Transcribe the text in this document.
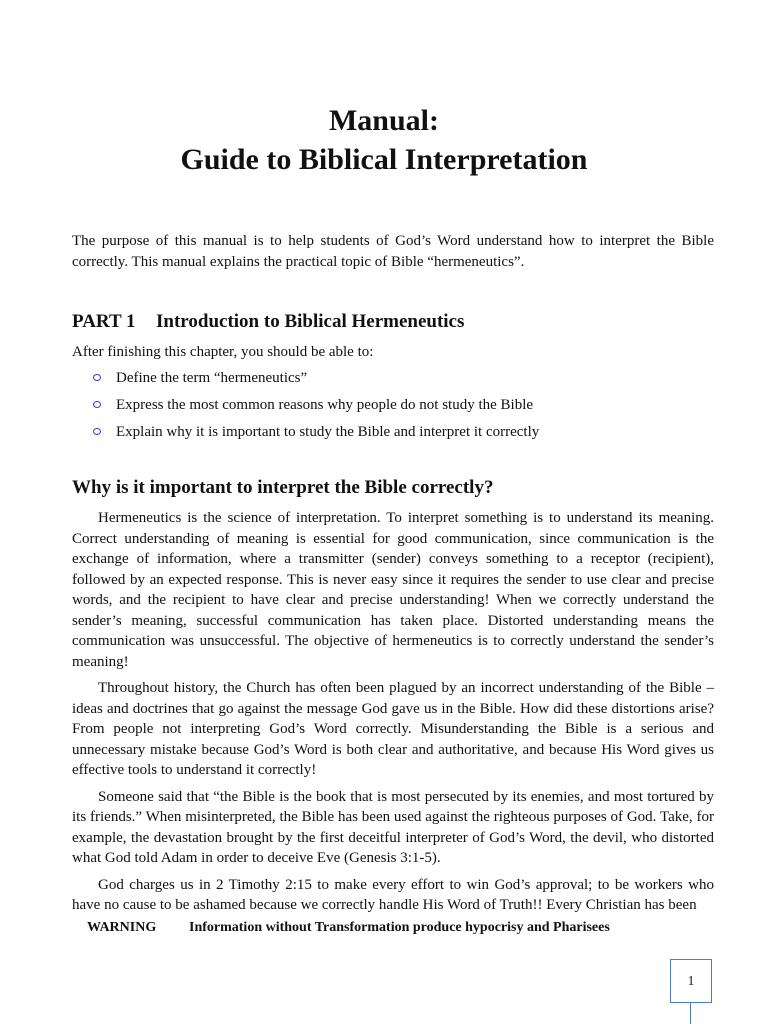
Manual:
Guide to Biblical Interpretation
The purpose of this manual is to help students of God’s Word understand how to interpret the Bible correctly. This manual explains the practical topic of Bible “hermeneutics”.
PART 1 Introduction to Biblical Hermeneutics
After finishing this chapter, you should be able to:
Define the term “hermeneutics”
Express the most common reasons why people do not study the Bible
Explain why it is important to study the Bible and interpret it correctly
Why is it important to interpret the Bible correctly?

Hermeneutics is the science of interpretation. To interpret something is to understand its meaning. Correct understanding of meaning is essential for good communication, since communication is the exchange of information, where a transmitter (sender) conveys something to a receptor (recipient), followed by an expected response. This is never easy since it requires the sender to use clear and precise words, and the recipient to have clear and precise understanding! When we correctly understand the sender’s meaning, successful communication has taken place. Distorted understanding means the communication was unsuccessful. The objective of hermeneutics is to correctly understand the sender’s meaning!

Throughout history, the Church has often been plagued by an incorrect understanding of the Bible – ideas and doctrines that go against the message God gave us in the Bible. How did these distortions arise? From people not interpreting God’s Word correctly. Misunderstanding the Bible is a serious and unnecessary mistake because God’s Word is both clear and authoritative, and because His Word gives us effective tools to understand it correctly!

Someone said that “the Bible is the book that is most persecuted by its enemies, and most tortured by its friends.” When misinterpreted, the Bible has been used against the righteous purposes of God. Take, for example, the devastation brought by the first deceitful interpreter of God’s Word, the devil, who distorted what God told Adam in order to deceive Eve (Genesis 3:1-5).

God charges us in 2 Timothy 2:15 to make every effort to win God’s approval; to be workers who have no cause to be ashamed because we correctly handle His Word of Truth!! Every Christian has been

WARNING Information without Transformation produce hypocrisy and Pharisees
1
